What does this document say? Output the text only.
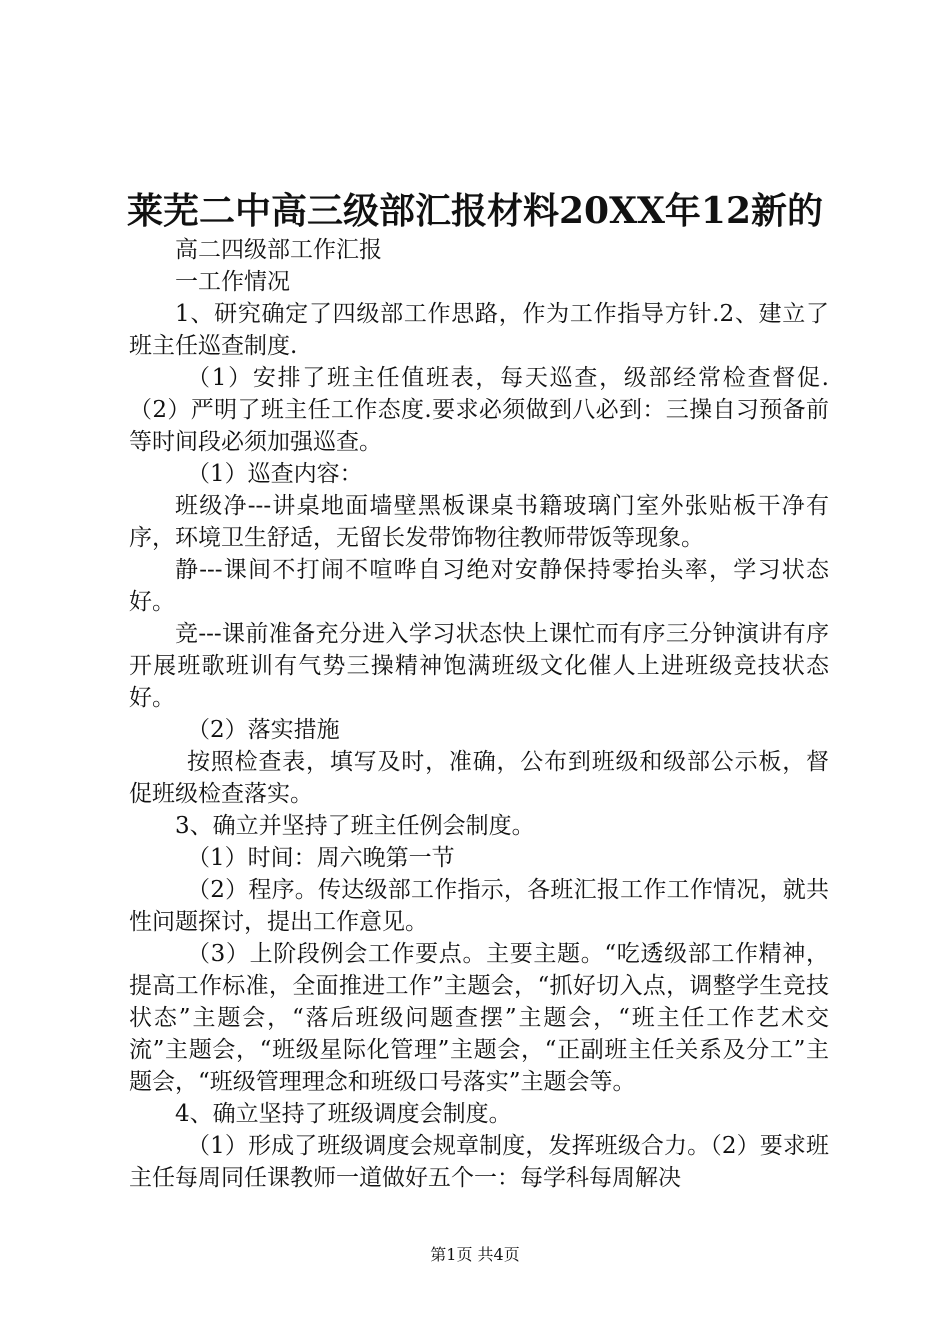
莱芜二中高三级部汇报材料20XX年12新的

高二四级部工作汇报

一工作情况

1、研究确定了四级部工作思路，作为工作指导方针.2、建立了班主任巡查制度.

（1）安排了班主任值班表，每天巡查，级部经常检查督促.（2）严明了班主任工作态度.要求必须做到八必到：三操自习预备前等时间段必须加强巡查。

（1）巡查内容：

班级净---讲桌地面墙壁黑板课桌书籍玻璃门室外张贴板干净有序，环境卫生舒适，无留长发带饰物往教师带饭等现象。

静---课间不打闹不喧哗自习绝对安静保持零抬头率，学习状态好。

竞---课前准备充分进入学习状态快上课忙而有序三分钟演讲有序开展班歌班训有气势三操精神饱满班级文化催人上进班级竞技状态好。

（2）落实措施

按照检查表，填写及时，准确，公布到班级和级部公示板，督促班级检查落实。

3、确立并坚持了班主任例会制度。

（1）时间：周六晚第一节

（2）程序。传达级部工作指示，各班汇报工作工作情况，就共性问题探讨，提出工作意见。

（3）上阶段例会工作要点。主要主题。“吃透级部工作精神，提高工作标准，全面推进工作”主题会，“抓好切入点，调整学生竞技状态”主题会，“落后班级问题查摆”主题会，“班主任工作艺术交流”主题会，“班级星际化管理”主题会，“正副班主任关系及分工”主题会，“班级管理理念和班级口号落实”主题会等。

4、确立坚持了班级调度会制度。

（1）形成了班级调度会规章制度，发挥班级合力。（2）要求班主任每周同任课教师一道做好五个一：每学科每周解决

第1页 共4页
